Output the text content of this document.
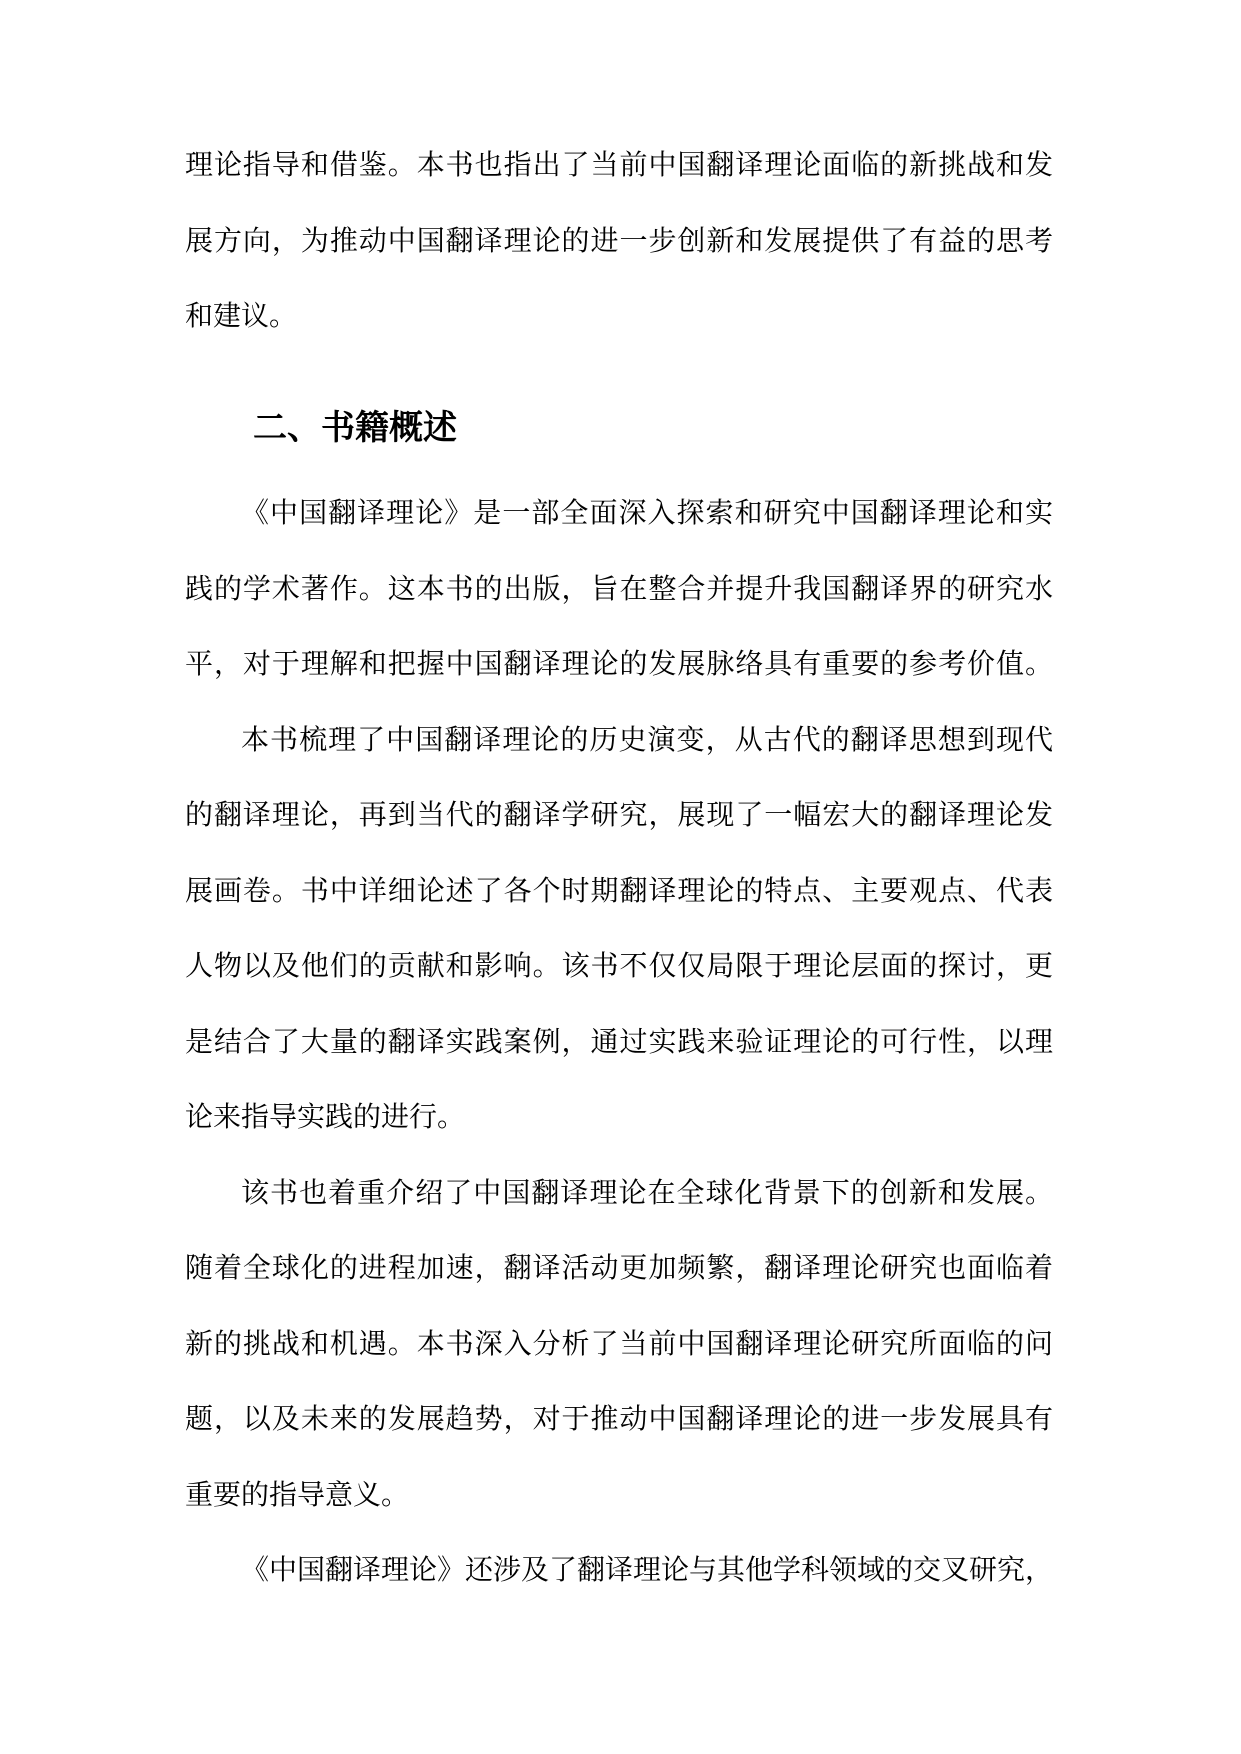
理论指导和借鉴。本书也指出了当前中国翻译理论面临的新挑战和发

展方向，为推动中国翻译理论的进一步创新和发展提供了有益的思考

和建议。

二、书籍概述

《中国翻译理论》是一部全面深入探索和研究中国翻译理论和实

践的学术著作。这本书的出版，旨在整合并提升我国翻译界的研究水

平，对于理解和把握中国翻译理论的发展脉络具有重要的参考价值。

本书梳理了中国翻译理论的历史演变，从古代的翻译思想到现代

的翻译理论，再到当代的翻译学研究，展现了一幅宏大的翻译理论发

展画卷。书中详细论述了各个时期翻译理论的特点、主要观点、代表

人物以及他们的贡献和影响。该书不仅仅局限于理论层面的探讨，更

是结合了大量的翻译实践案例，通过实践来验证理论的可行性，以理

论来指导实践的进行。

该书也着重介绍了中国翻译理论在全球化背景下的创新和发展。

随着全球化的进程加速，翻译活动更加频繁，翻译理论研究也面临着

新的挑战和机遇。本书深入分析了当前中国翻译理论研究所面临的问

题，以及未来的发展趋势，对于推动中国翻译理论的进一步发展具有

重要的指导意义。

《中国翻译理论》还涉及了翻译理论与其他学科领域的交叉研究，
